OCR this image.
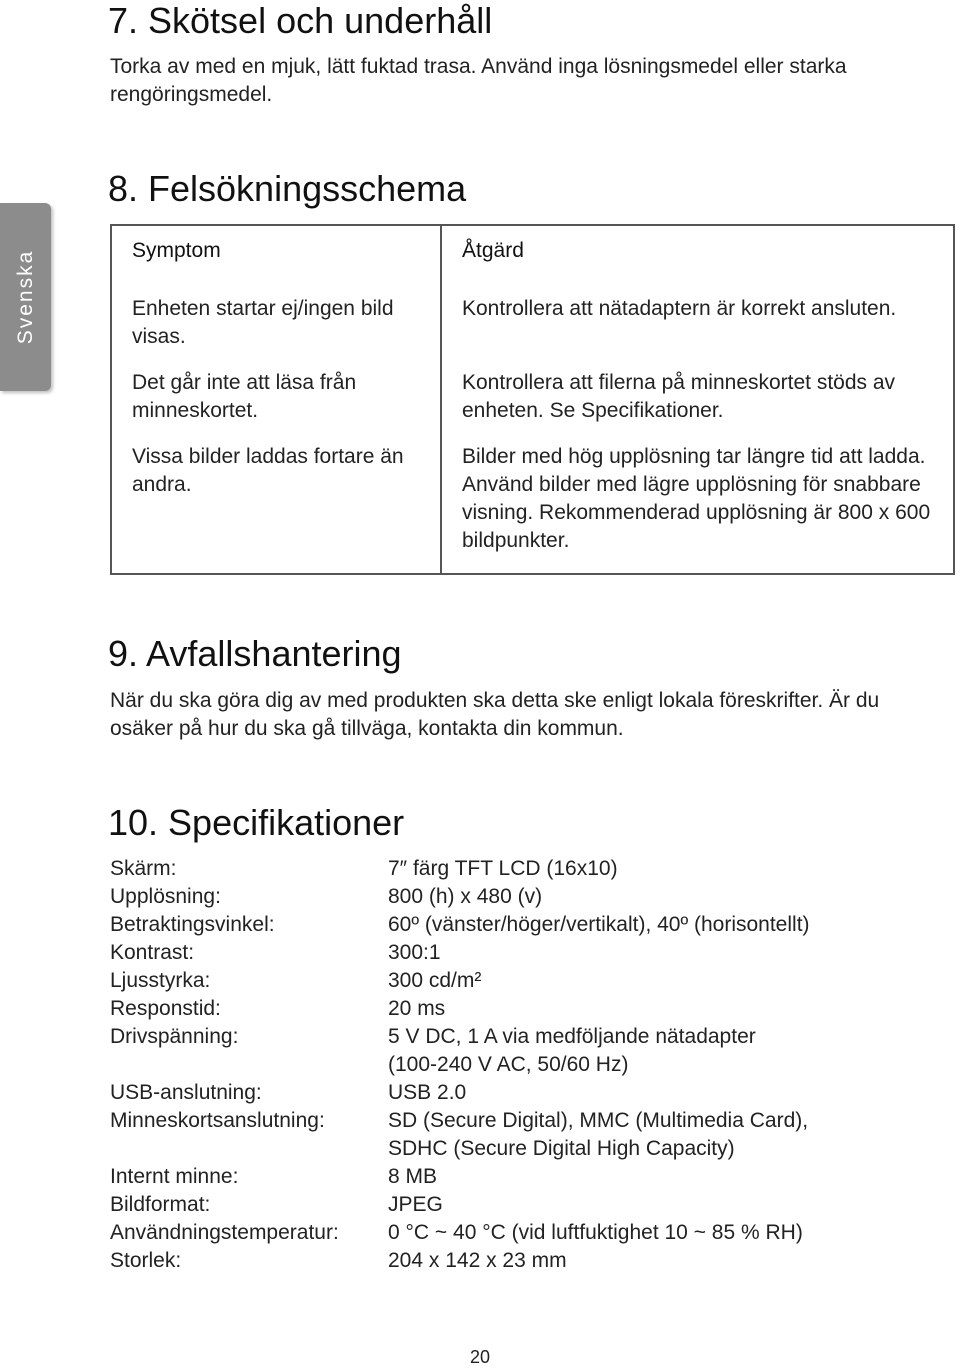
Svenska
7. Skötsel och underhåll

Torka av med en mjuk, lätt fuktad trasa. Använd inga lösningsmedel eller starka rengöringsmedel.

8. Felsökningsschema
Symptom	Åtgärd
Enheten startar ej/ingen bild visas.	Kontrollera att nätadaptern är korrekt ansluten.
Det går inte att läsa från minneskortet.	Kontrollera att filerna på minneskortet stöds av enheten. Se Specifikationer.
Vissa bilder laddas fortare än andra.	Bilder med hög upplösning tar längre tid att ladda. Använd bilder med lägre upplösning för snabbare visning. Rekommenderad upplösning är 800 x 600 bildpunkter.
9. Avfallshantering

När du ska göra dig av med produkten ska detta ske enligt lokala föreskrifter. Är du osäker på hur du ska gå tillväga, kontakta din kommun.

10. Specifikationer
Skärm:	7″ färg TFT LCD (16x10)
Upplösning:	800 (h) x 480 (v)
Betraktingsvinkel:	60º (vänster/höger/vertikalt), 40º (horisontellt)
Kontrast:	300:1
Ljusstyrka:	300 cd/m²
Responstid:	20 ms
Drivspänning:	5 V DC, 1 A via medföljande nätadapter
(100-240 V AC, 50/60 Hz)
USB-anslutning:	USB 2.0
Minneskortsanslutning:	SD (Secure Digital), MMC (Multimedia Card),
SDHC (Secure Digital High Capacity)
Internt minne:	8 MB
Bildformat:	JPEG
Användningstemperatur:	0 °C ~ 40 °C (vid luftfuktighet 10 ~ 85 % RH)
Storlek:	204 x 142 x 23 mm
20
